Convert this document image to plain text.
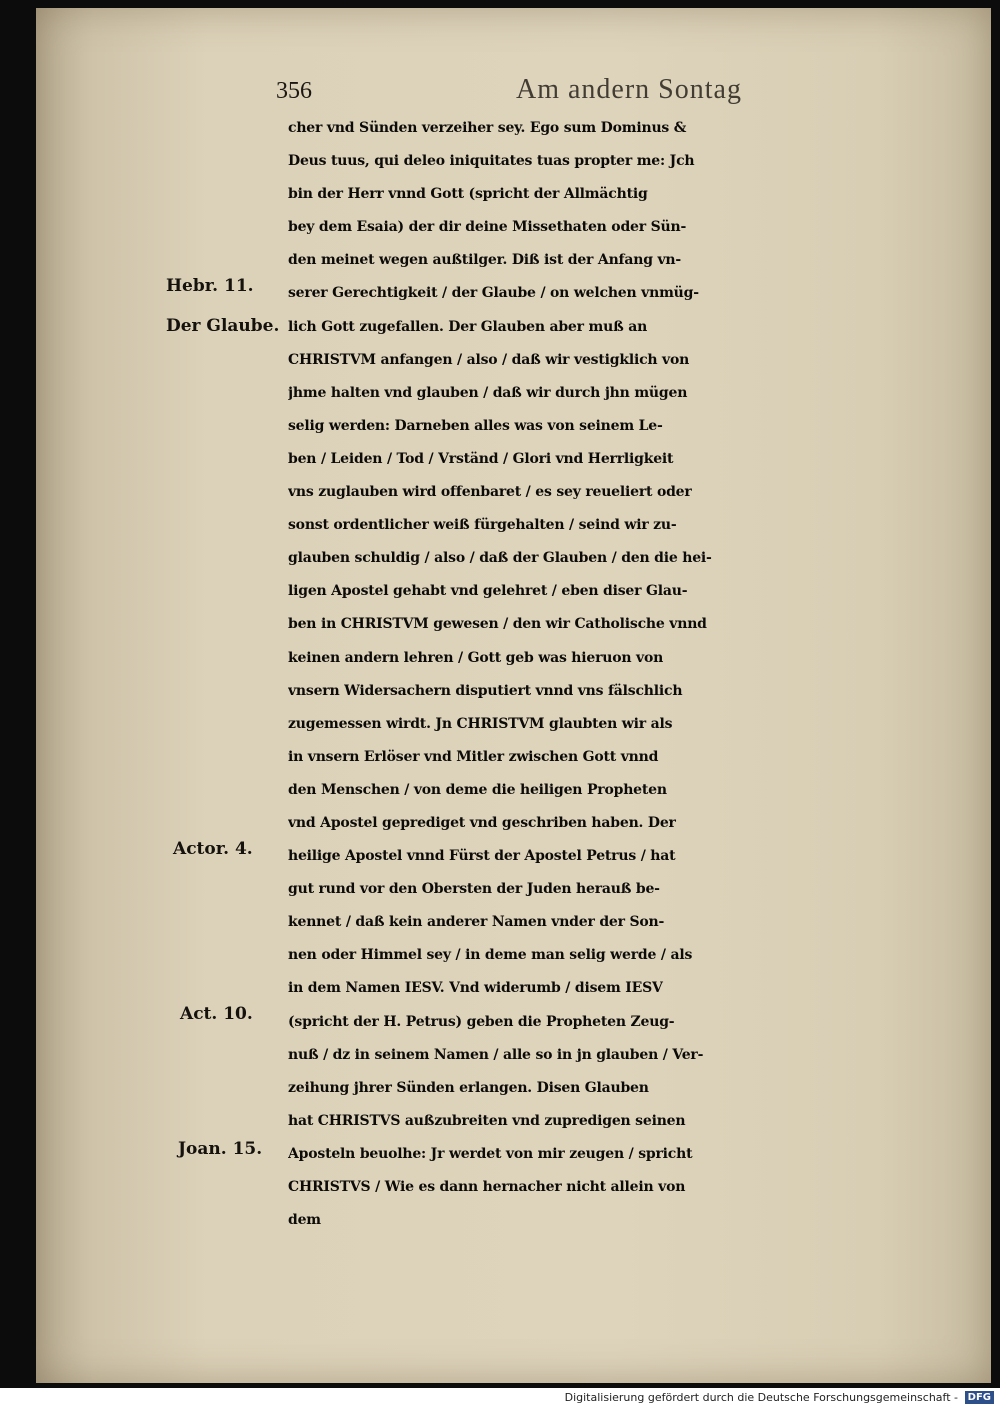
356	Am andern Sontag
Hebr. 11.
Der Glaube.
Actor. 4.
Act. 10.
Joan. 15.
cher vnd Sünden verzeiher sey. Ego sum Dominus &
Deus tuus, qui deleo iniquitates tuas propter me: Jch
bin der Herr vnnd Gott (spricht der Allmächtig
bey dem Esaia) der dir deine Missethaten oder Sün-
den meinet wegen außtilger. Diß ist der Anfang vn-
serer Gerechtigkeit / der Glaube / on welchen vnmüg-
lich Gott zugefallen. Der Glauben aber muß an
CHRISTVM anfangen / also / daß wir vestigklich von
jhme halten vnd glauben / daß wir durch jhn mügen
selig werden: Darneben alles was von seinem Le-
ben / Leiden / Tod / Vrständ / Glori vnd Herrligkeit
vns zuglauben wird offenbaret / es sey reueliert oder
sonst ordentlicher weiß fürgehalten / seind wir zu-
glauben schuldig / also / daß der Glauben / den die hei-
ligen Apostel gehabt vnd gelehret / eben diser Glau-
ben in CHRISTVM gewesen / den wir Catholische vnnd
keinen andern lehren / Gott geb was hieruon von
vnsern Widersachern disputiert vnnd vns fälschlich
zugemessen wirdt. Jn CHRISTVM glaubten wir als
in vnsern Erlöser vnd Mitler zwischen Gott vnnd
den Menschen / von deme die heiligen Propheten
vnd Apostel geprediget vnd geschriben haben. Der
heilige Apostel vnnd Fürst der Apostel Petrus / hat
gut rund vor den Obersten der Juden herauß be-
kennet / daß kein anderer Namen vnder der Son-
nen oder Himmel sey / in deme man selig werde / als
in dem Namen IESV. Vnd widerumb / disem IESV
(spricht der H. Petrus) geben die Propheten Zeug-
nuß / dz in seinem Namen / alle so in jn glauben / Ver-
zeihung jhrer Sünden erlangen. Disen Glauben
hat CHRISTVS außzubreiten vnd zupredigen seinen
Aposteln beuolhe: Jr werdet von mir zeugen / spricht
CHRISTVS / Wie es dann hernacher nicht allein von
dem
Digitalisierung gefördert durch die Deutsche Forschungsgemeinschaft - DFG
